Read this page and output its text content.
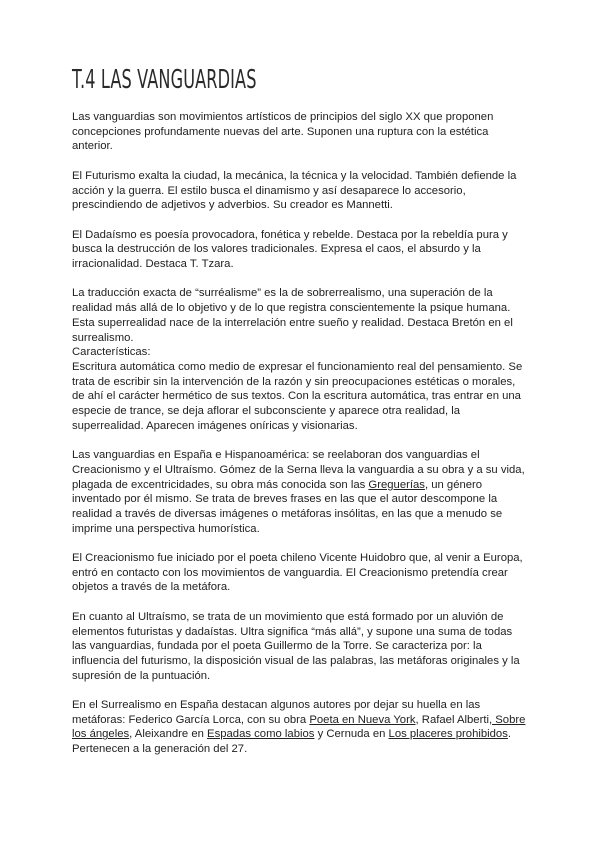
T.4 LAS VANGUARDIAS

Las vanguardias son movimientos artísticos de principios del siglo XX que proponen concepciones profundamente nuevas del arte. Suponen una ruptura con la estética anterior.

El Futurismo exalta la ciudad, la mecánica, la técnica y la velocidad. También defiende la acción y la guerra. El estilo busca el dinamismo y así desaparece lo accesorio, prescindiendo de adjetivos y adverbios. Su creador es Mannetti.

El Dadaísmo es poesía provocadora, fonética y rebelde. Destaca por la rebeldía pura y busca la destrucción de los valores tradicionales. Expresa el caos, el absurdo y la irracionalidad. Destaca T. Tzara.

La traducción exacta de “surréalisme” es la de sobrerrealismo, una superación de la realidad más allá de lo objetivo y de lo que registra conscientemente la psique humana. Esta superrealidad nace de la interrelación entre sueño y realidad. Destaca Bretón en el surrealismo.
Características:
Escritura automática como medio de expresar el funcionamiento real del pensamiento. Se trata de escribir sin la intervención de la razón y sin preocupaciones estéticas o morales, de ahí el carácter hermético de sus textos. Con la escritura automática, tras entrar en una especie de trance, se deja aflorar el subconsciente y aparece otra realidad, la superrealidad. Aparecen imágenes oníricas y visionarias.

Las vanguardias en España e Hispanoamérica: se reelaboran dos vanguardias el Creacionismo y el Ultraísmo. Gómez de la Serna lleva la vanguardia a su obra y a su vida, plagada de excentricidades, su obra más conocida son las Greguerías, un género inventado por él mismo. Se trata de breves frases en las que el autor descompone la realidad a través de diversas imágenes o metáforas insólitas, en las que a menudo se imprime una perspectiva humorística.

El Creacionismo fue iniciado por el poeta chileno Vicente Huidobro que, al venir a Europa, entró en contacto con los movimientos de vanguardia. El Creacionismo pretendía crear objetos a través de la metáfora.

En cuanto al Ultraísmo, se trata de un movimiento que está formado por un aluvión de elementos futuristas y dadaístas. Ultra significa “más allá”, y supone una suma de todas las vanguardias, fundada por el poeta Guillermo de la Torre. Se caracteriza por: la influencia del futurismo, la disposición visual de las palabras, las metáforas originales y la supresión de la puntuación.

En el Surrealismo en España destacan algunos autores por dejar su huella en las metáforas: Federico García Lorca, con su obra Poeta en Nueva York, Rafael Alberti, Sobre los ángeles, Aleixandre en Espadas como labios y Cernuda en Los placeres prohibidos. Pertenecen a la generación del 27.
